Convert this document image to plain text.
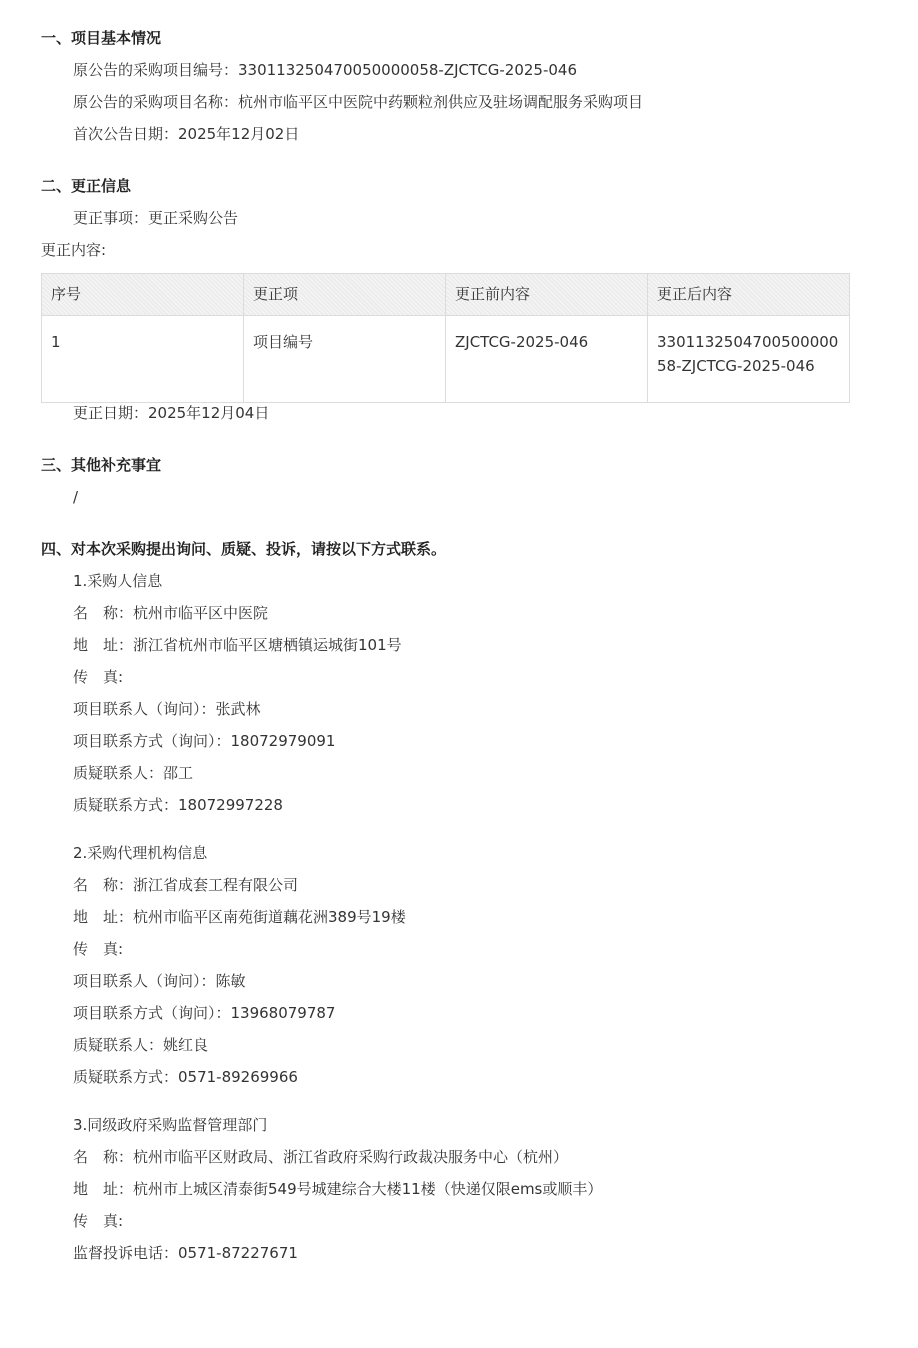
一、项目基本情况
原公告的采购项目编号：330113250470050000058-ZJCTCG-2025-046
原公告的采购项目名称：杭州市临平区中医院中药颗粒剂供应及驻场调配服务采购项目
首次公告日期：2025年12月02日
二、更正信息
更正事项：更正采购公告
更正内容:
序号	更正项	更正前内容	更正后内容
1	项目编号	ZJCTCG-2025-046	330113250470050000058-ZJCTCG-2025-046
更正日期：2025年12月04日
三、其他补充事宜
/
四、对本次采购提出询问、质疑、投诉，请按以下方式联系。
1.采购人信息
名　称：杭州市临平区中医院
地　址：浙江省杭州市临平区塘栖镇运城街101号
传　真:
项目联系人（询问）：张武林
项目联系方式（询问）：18072979091
质疑联系人：邵工
质疑联系方式：18072997228
2.采购代理机构信息
名　称：浙江省成套工程有限公司
地　址：杭州市临平区南苑街道藕花洲389号19楼
传　真:
项目联系人（询问）：陈敏
项目联系方式（询问）：13968079787
质疑联系人：姚红良
质疑联系方式：0571-89269966
3.同级政府采购监督管理部门
名　称：杭州市临平区财政局、浙江省政府采购行政裁决服务中心（杭州）
地　址：杭州市上城区清泰街549号城建综合大楼11楼（快递仅限ems或顺丰）
传　真:
监督投诉电话：0571-87227671
